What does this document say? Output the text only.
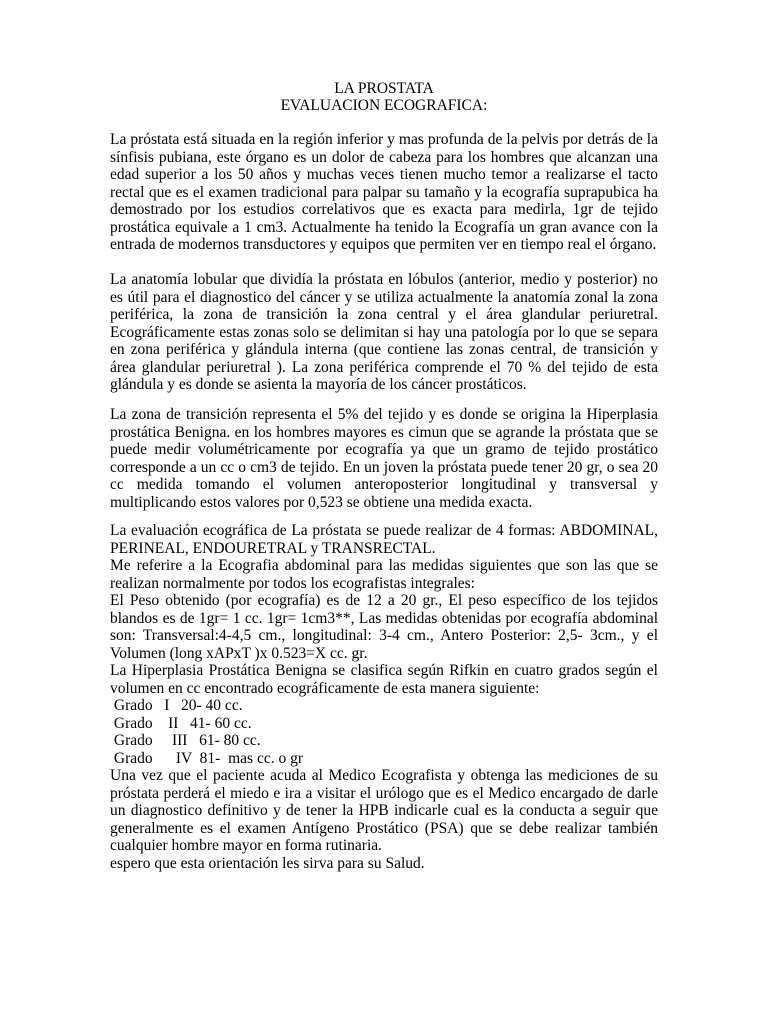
LA PROSTATA
EVALUACION ECOGRAFICA:

La próstata está situada en la región inferior y mas profunda de la pelvis por detrás de la sínfisis pubiana, este órgano es un dolor de cabeza para los hombres que alcanzan una edad superior a los 50 años y muchas veces tienen mucho temor a realizarse el tacto rectal que es el examen tradicional para palpar su tamaño y la ecografía suprapubica ha demostrado por los estudios correlativos que es exacta para medirla, 1gr de tejido prostática equivale a 1 cm3. Actualmente ha tenido la Ecografía un gran avance con la entrada de modernos transductores y equipos que permiten ver en tiempo real el órgano.

La anatomía lobular que dividía la próstata en lóbulos (anterior, medio y posterior) no es útil para el diagnostico del cáncer y se utiliza actualmente la anatomía zonal la zona periférica, la zona de transición la zona central y el área glandular periuretral. Ecográficamente estas zonas solo se delimitan si hay una patología por lo que se separa en zona periférica y glándula interna (que contiene las zonas central, de transición y área glandular periuretral ). La zona periférica comprende el 70 % del tejido de esta glándula y es donde se asienta la mayoría de los cáncer prostáticos.

La zona de transición representa el 5% del tejido y es donde se origina la Hiperplasia prostática Benigna. en los hombres mayores es cimun que se agrande la próstata que se puede medir volumétricamente por ecografía ya que un gramo de tejido prostático corresponde a un cc o cm3 de tejido. En un joven la próstata puede tener 20 gr, o sea 20 cc medida tomando el volumen anteroposterior longitudinal y transversal y multiplicando estos valores por 0,523 se obtiene una medida exacta.

La evaluación ecográfica de La próstata se puede realizar de 4 formas: ABDOMINAL, PERINEAL, ENDOURETRAL y TRANSRECTAL.

Me referire a la Ecografia abdominal para las medidas siguientes que son las que se realizan normalmente por todos los ecografistas integrales:

El Peso obtenido (por ecografía) es de 12 a 20 gr., El peso específico de los tejidos blandos es de 1gr= 1 cc. 1gr= 1cm3**, Las medidas obtenidas por ecografía abdominal son: Transversal:4-4,5 cm., longitudinal: 3-4 cm., Antero Posterior: 2,5- 3cm., y el Volumen (long xAPxT )x 0.523=X cc. gr.

La Hiperplasia Prostática Benigna se clasifica según Rifkin en cuatro grados según el volumen en cc encontrado ecográficamente de esta manera siguiente:

Grado   I   20- 40 cc.
Grado    II   41- 60 cc.
Grado     III   61- 80 cc.
Grado      IV  81-  mas cc. o gr

Una vez que el paciente acuda al Medico Ecografista y obtenga las mediciones de su próstata perderá el miedo e ira a visitar el urólogo que es el Medico encargado de darle un diagnostico definitivo y de tener la HPB indicarle cual es la conducta a seguir que generalmente es el examen Antígeno Prostático (PSA) que se debe realizar también cualquier hombre mayor en forma rutinaria.

espero que esta orientación les sirva para su Salud.
